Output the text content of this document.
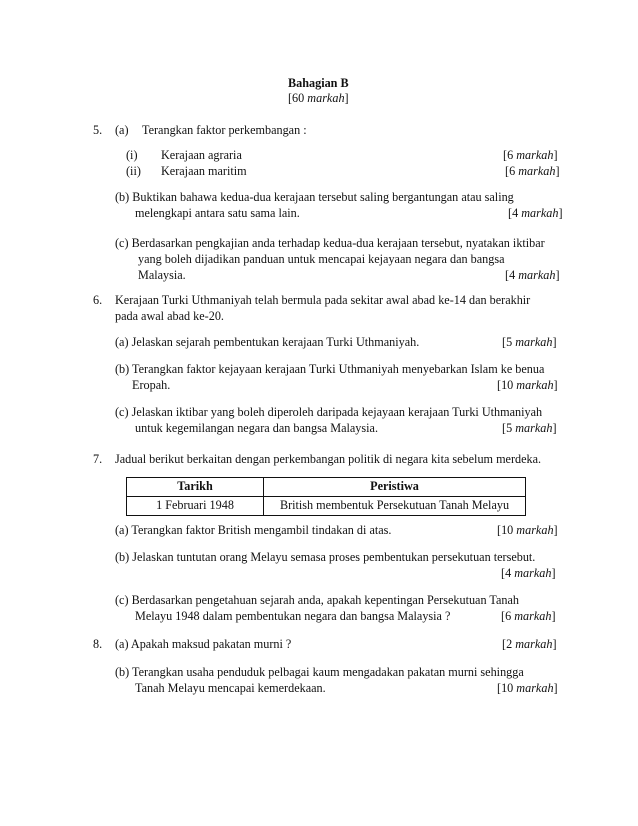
Bahagian B
[60 markah]
5. (a) Terangkan faktor perkembangan :
(i) Kerajaan agraria	[6 markah]
(ii) Kerajaan maritim	[6 markah]
(b) Buktikan bahawa kedua-dua kerajaan tersebut saling bergantungan atau saling
melengkapi antara satu sama lain.	[4 markah]
(c) Berdasarkan pengkajian anda terhadap kedua-dua kerajaan tersebut, nyatakan iktibar
yang boleh dijadikan panduan untuk mencapai kejayaan negara dan bangsa
Malaysia.	[4 markah]
6. Kerajaan Turki Uthmaniyah telah bermula pada sekitar awal abad ke-14 dan berakhir
pada awal abad ke-20.
(a) Jelaskan sejarah pembentukan kerajaan Turki Uthmaniyah.	[5 markah]
(b) Terangkan faktor kejayaan kerajaan Turki Uthmaniyah menyebarkan Islam ke benua
Eropah.	[10 markah]
(c) Jelaskan iktibar yang boleh diperoleh daripada kejayaan kerajaan Turki Uthmaniyah
untuk kegemilangan negara dan bangsa Malaysia.	[5 markah]
7. Jadual berikut berkaitan dengan perkembangan politik di negara kita sebelum merdeka.
Tarikh	Peristiwa
1 Februari 1948	British membentuk Persekutuan Tanah Melayu
(a) Terangkan faktor British mengambil tindakan di atas.	[10 markah]
(b) Jelaskan tuntutan orang Melayu semasa proses pembentukan persekutuan tersebut.
[4 markah]
(c) Berdasarkan pengetahuan sejarah anda, apakah kepentingan Persekutuan Tanah
Melayu 1948 dalam pembentukan negara dan bangsa Malaysia ?	[6 markah]
8. (a) Apakah maksud pakatan murni ?	[2 markah]
(b) Terangkan usaha penduduk pelbagai kaum mengadakan pakatan murni sehingga
Tanah Melayu mencapai kemerdekaan.	[10 markah]
